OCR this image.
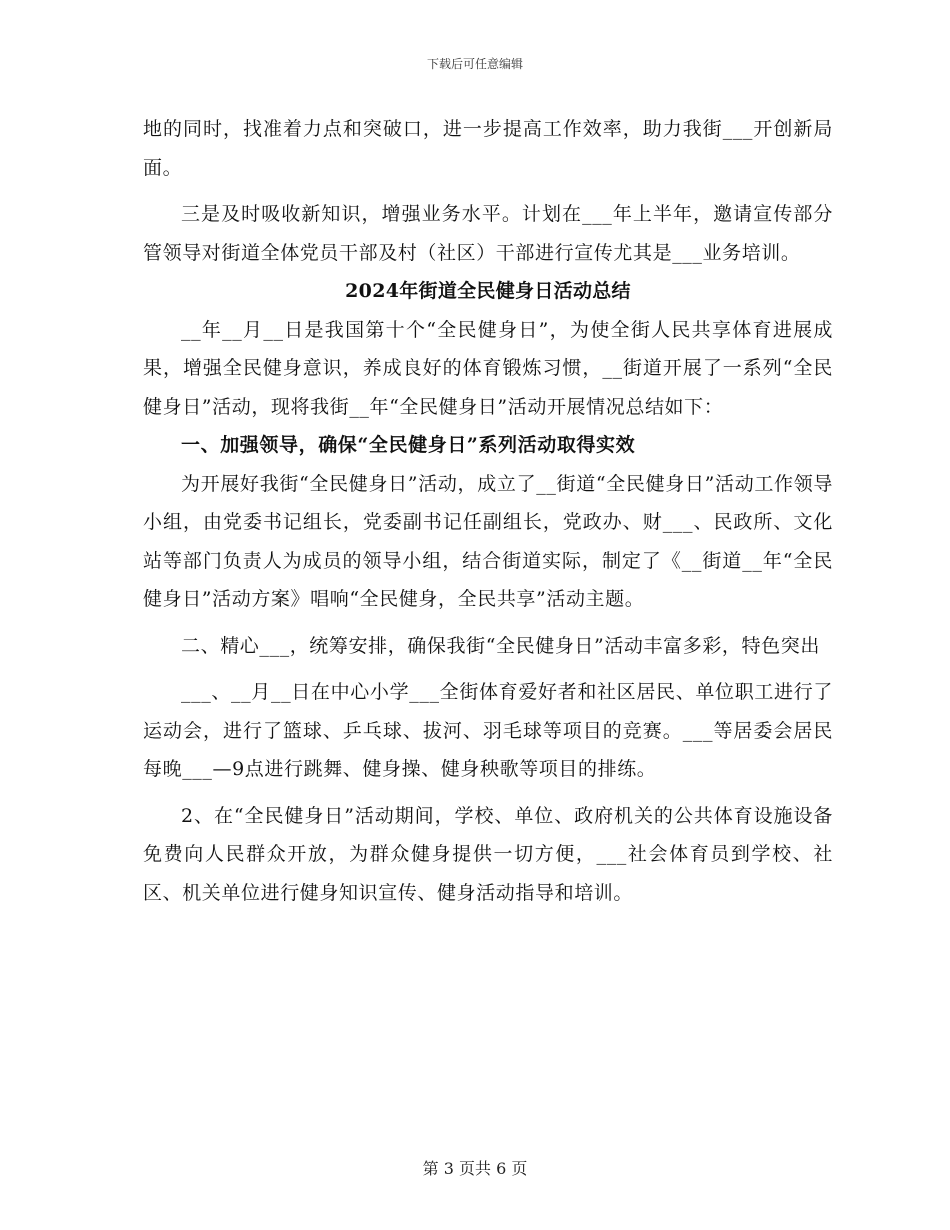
下载后可任意编辑

地的同时，找准着力点和突破口，进一步提高工作效率，助力我街___开创新局面。

三是及时吸收新知识，增强业务水平。计划在___年上半年，邀请宣传部分管领导对街道全体党员干部及村（社区）干部进行宣传尤其是___业务培训。

2024年街道全民健身日活动总结

__年__月__日是我国第十个“全民健身日”，为使全街人民共享体育进展成果，增强全民健身意识，养成良好的体育锻炼习惯，__街道开展了一系列“全民健身日”活动，现将我街__年“全民健身日”活动开展情况总结如下：

一、加强领导，确保“全民健身日”系列活动取得实效

为开展好我街“全民健身日”活动，成立了__街道“全民健身日”活动工作领导小组，由党委书记组长，党委副书记任副组长，党政办、财___、民政所、文化站等部门负责人为成员的领导小组，结合街道实际，制定了《__街道__年“全民健身日”活动方案》唱响“全民健身，全民共享”活动主题。

二、精心___，统筹安排，确保我街“全民健身日”活动丰富多彩，特色突出

___、__月__日在中心小学___全街体育爱好者和社区居民、单位职工进行了运动会，进行了篮球、乒乓球、拔河、羽毛球等项目的竞赛。___等居委会居民每晚___—9点进行跳舞、健身操、健身秧歌等项目的排练。

2、在“全民健身日”活动期间，学校、单位、政府机关的公共体育设施设备免费向人民群众开放，为群众健身提供一切方便，___社会体育员到学校、社区、机关单位进行健身知识宣传、健身活动指导和培训。

第 3 页共 6 页
